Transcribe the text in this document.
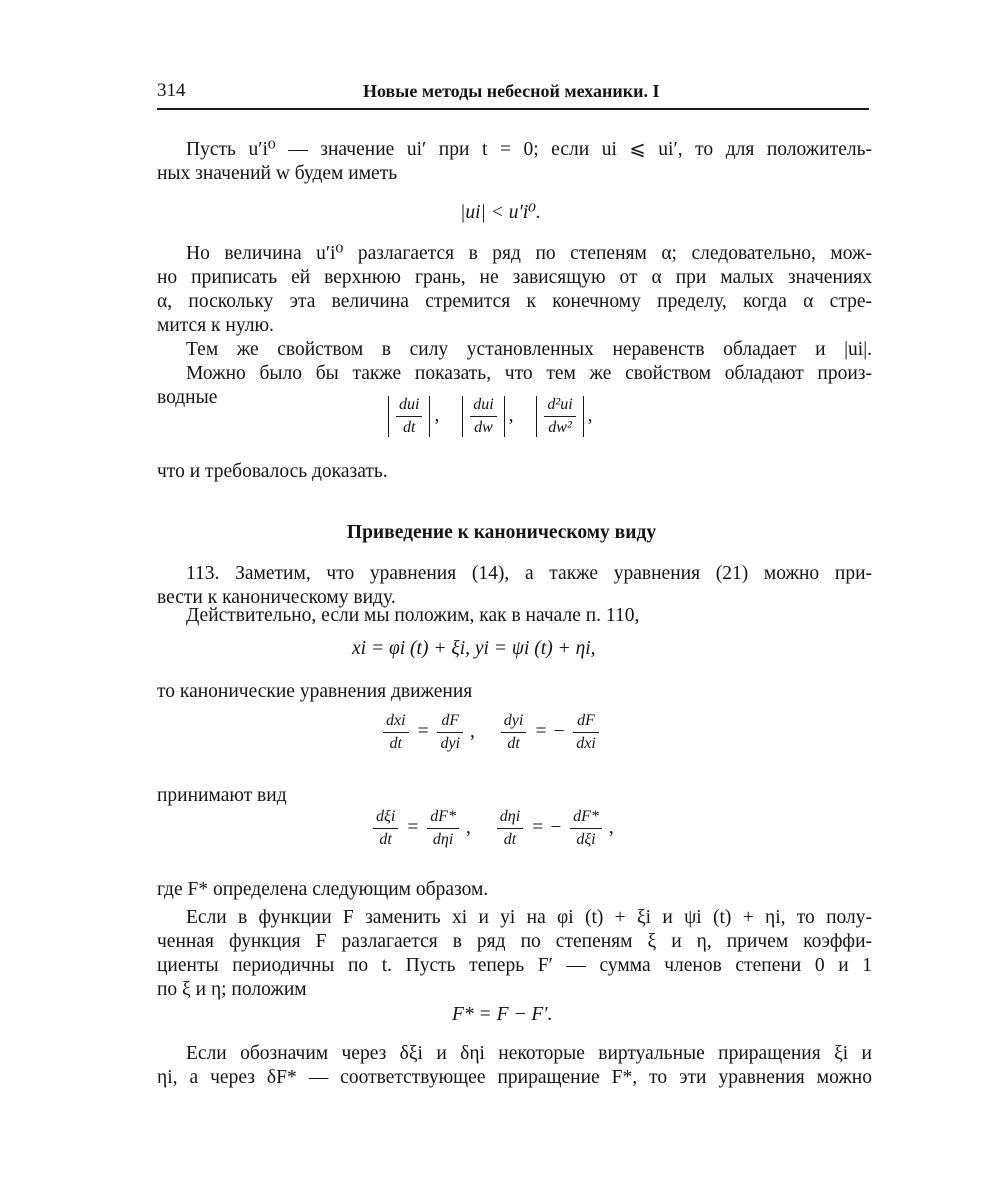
314	Новые методы небесной механики. I
Пусть u′i⁰ — значение ui′ при t = 0; если ui ⩽ ui′, то для положитель-
ных значений w будем иметь
|ui| < u′i⁰.
Но величина u′i⁰ разлагается в ряд по степеням α; следовательно, мож-
но приписать ей верхнюю грань, не зависящую от α при малых значениях
α, поскольку эта величина стремится к конечному пределу, когда α стре-
мится к нулю.
Тем же свойством в силу установленных неравенств обладает и |ui|.
Можно было бы также показать, что тем же свойством обладают произ-
водные	$\frac{\text{dui}}{dt}$ , $\frac{\text{dui}}{dw}$ , $\frac{\text{d²ui}}{\text{dw²}}$ ,
что и требовалось доказать.
Приведение к каноническому виду
113. Заметим, что уравнения (14), а также уравнения (21) можно при-
вести к каноническому виду.
Действительно, если мы положим, как в начале п. 110,
xi = φi (t) + ξi, yi = ψi (t) + ηi,
то канонические уравнения движения
$\frac{\text{dxi}}{dt} = \frac{dF}{\text{dyi}}$ , $\frac{\text{dyi}}{dt}$ = − $\frac{dF}{\text{dxi}}$
принимают вид
$\frac{\text{dξi}}{dt} = \frac{dF*}{\text{dηi}}$ , $\frac{\text{dηi}}{dt}$ = − $\frac{dF*}{\text{dξi}}$ ,
где F* определена следующим образом.
Если в функции F заменить xi и yi на φi (t) + ξi и ψi (t) + ηi, то полу-
ченная функция F разлагается в ряд по степеням ξ и η, причем коэффи-
циенты периодичны по t. Пусть теперь F′ — сумма членов степени 0 и 1
по ξ и η; положим
F* = F − F′.
Если обозначим через δξi и δηi некоторые виртуальные приращения ξi и
ηi, а через δF* — соответствующее приращение F*, то эти уравнения можно
